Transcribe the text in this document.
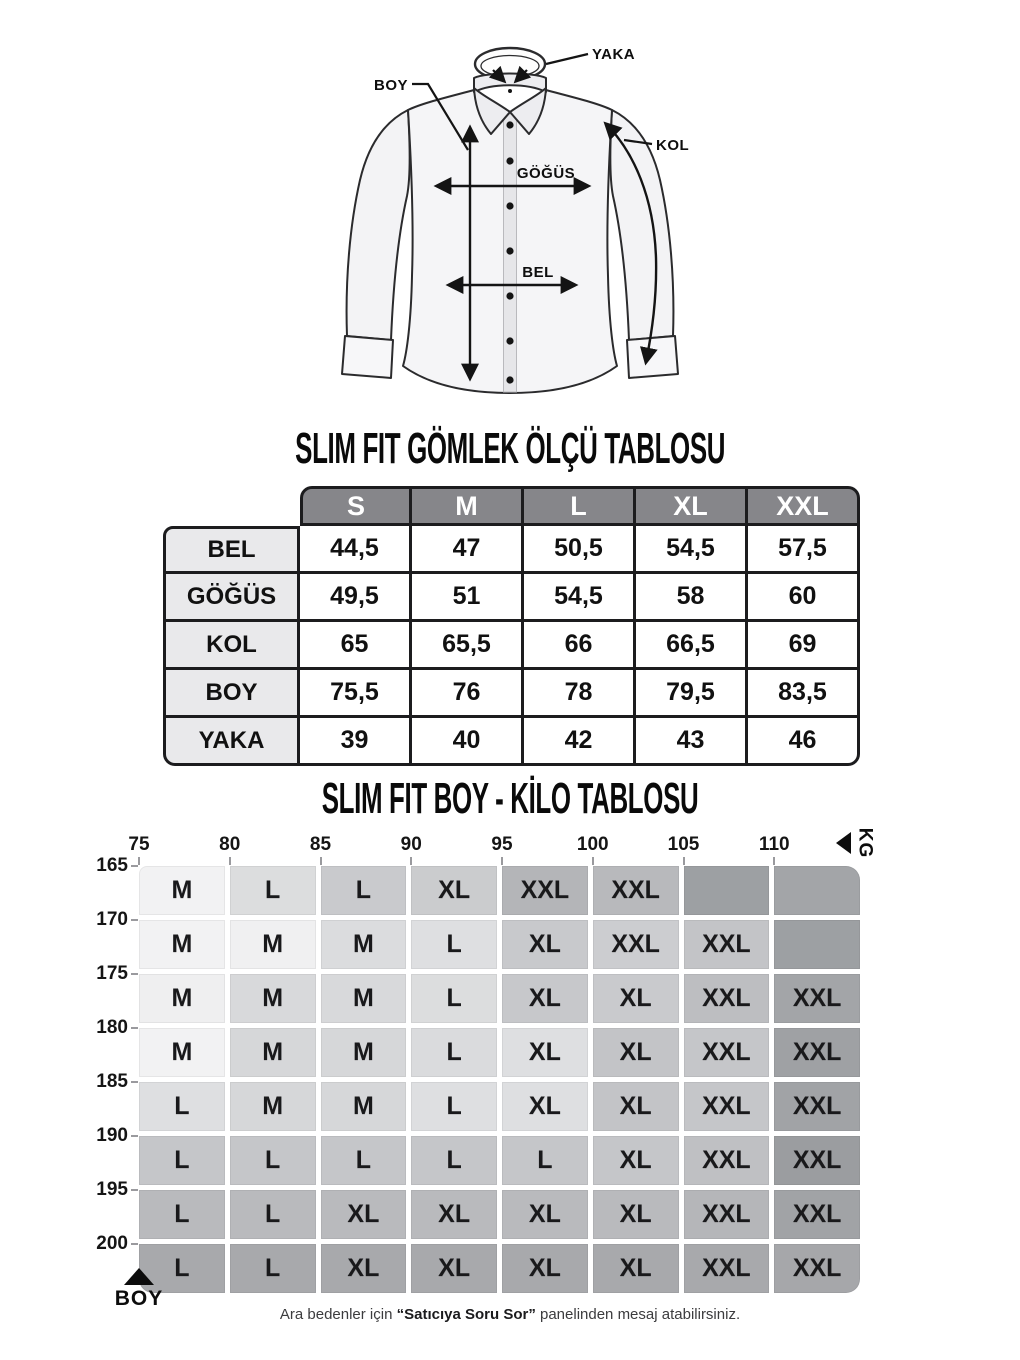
YAKA
BOY
KOL
GÖĞÜS
BEL
SLIM FIT GÖMLEK ÖLÇÜ TABLOSU
S	M	L	XL	XXL
BEL	44,5	47	50,5	54,5	57,5
GÖĞÜS	49,5	51	54,5	58	60
KOL	65	65,5	66	66,5	69
BOY	75,5	76	78	79,5	83,5
YAKA	39	40	42	43	46
SLIM FIT BOY - KİLO TABLOSU
KG
M	L	L	XL	XXL	XXL
M	M	M	L	XL	XXL	XXL
M	M	M	L	XL	XL	XXL	XXL
M	M	M	L	XL	XL	XXL	XXL
L	M	M	L	XL	XL	XXL	XXL
L	L	L	L	L	XL	XXL	XXL
L	L	XL	XL	XL	XL	XXL	XXL
L	L	XL	XL	XL	XL	XXL	XXL
BOY
75	80	85	90	95	100	105	110
165
170
175
180
185
190
195
200
Ara bedenler için “Satıcıya Soru Sor” panelinden mesaj atabilirsiniz.
